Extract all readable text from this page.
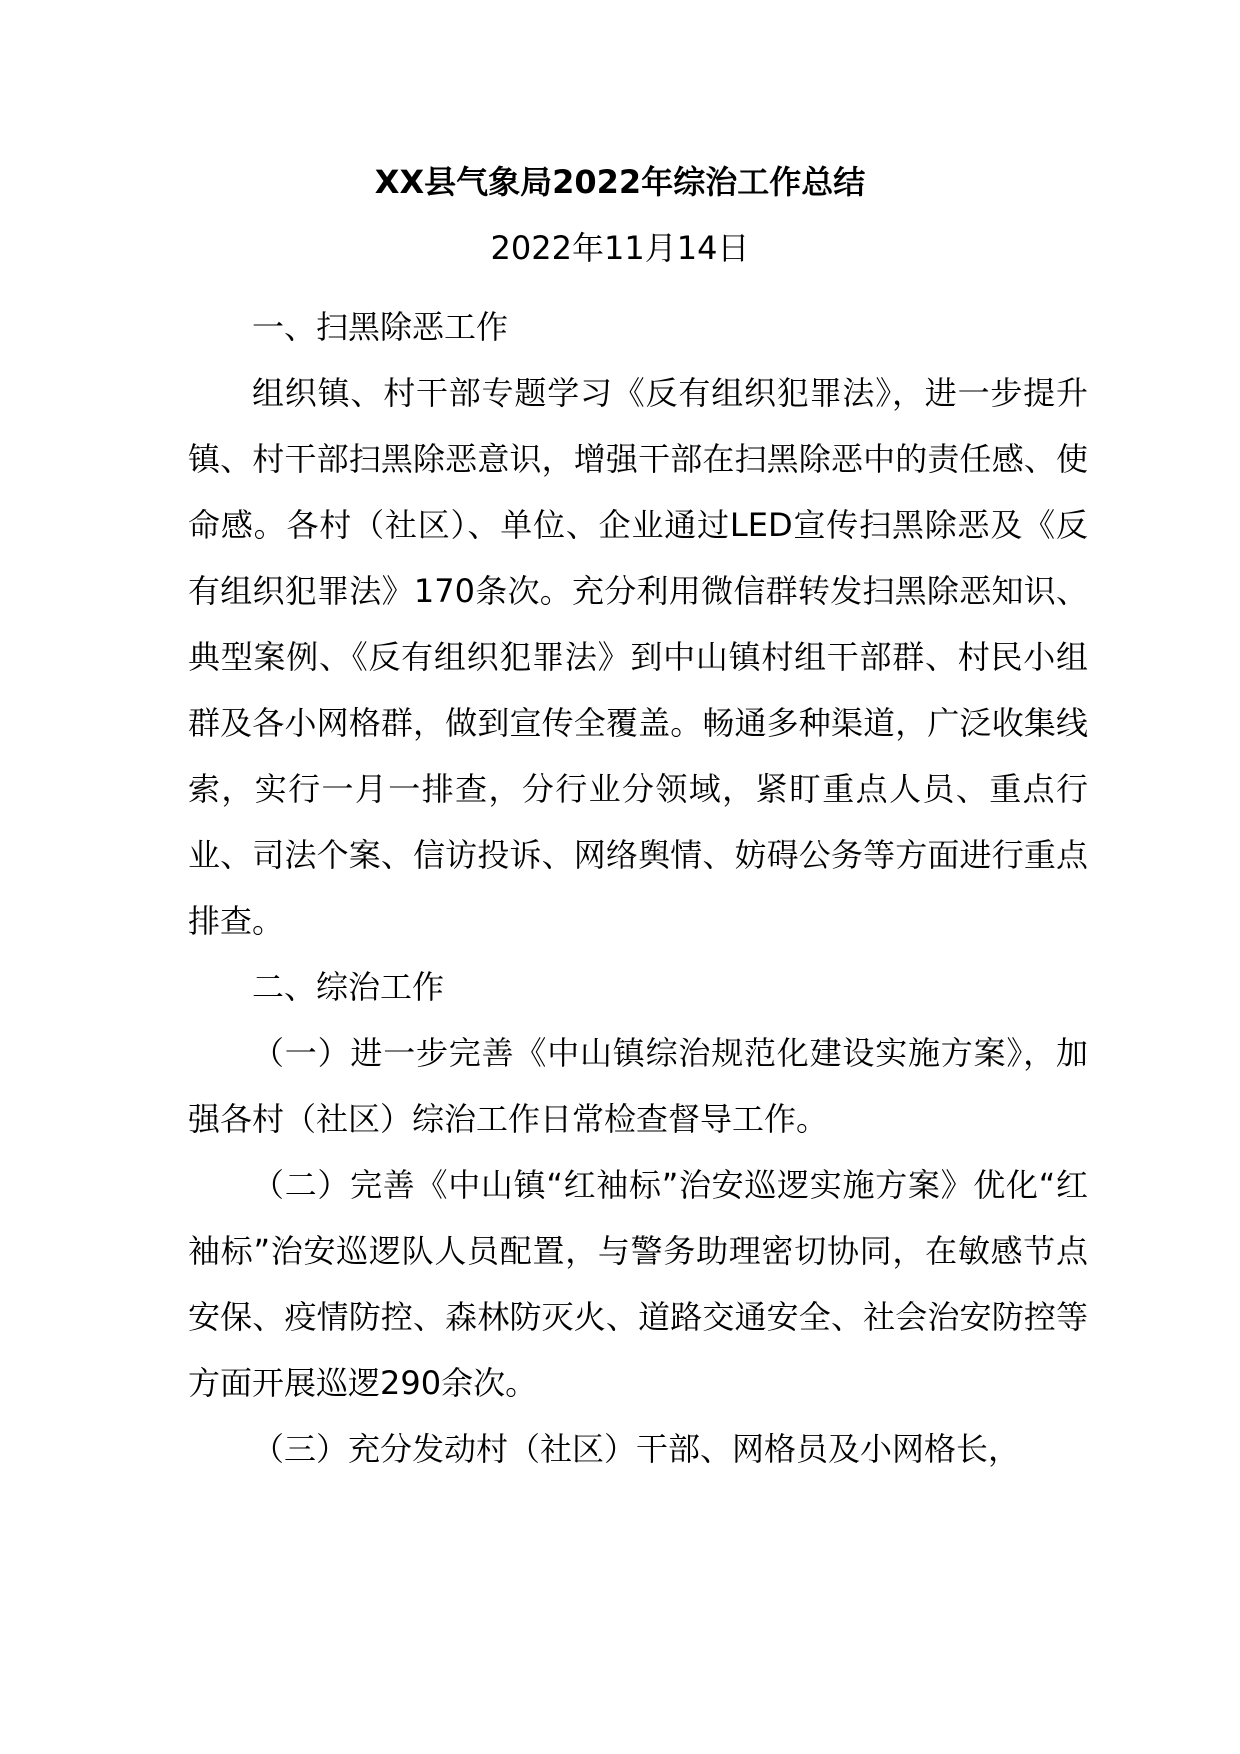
XX县气象局2022年综治工作总结
2022年11月14日

一、扫黑除恶工作

组织镇、村干部专题学习《反有组织犯罪法》，进一步提升镇、村干部扫黑除恶意识，增强干部在扫黑除恶中的责任感、使命感。各村（社区）、单位、企业通过LED宣传扫黑除恶及《反有组织犯罪法》170条次。充分利用微信群转发扫黑除恶知识、典型案例、《反有组织犯罪法》到中山镇村组干部群、村民小组群及各小网格群，做到宣传全覆盖。畅通多种渠道，广泛收集线索，实行一月一排查，分行业分领域，紧盯重点人员、重点行业、司法个案、信访投诉、网络舆情、妨碍公务等方面进行重点排查。

二、综治工作

（一）进一步完善《中山镇综治规范化建设实施方案》，加强各村（社区）综治工作日常检查督导工作。

（二）完善《中山镇“红袖标”治安巡逻实施方案》优化“红袖标”治安巡逻队人员配置，与警务助理密切协同，在敏感节点安保、疫情防控、森林防灭火、道路交通安全、社会治安防控等方面开展巡逻290余次。

（三）充分发动村（社区）干部、网格员及小网格长，
